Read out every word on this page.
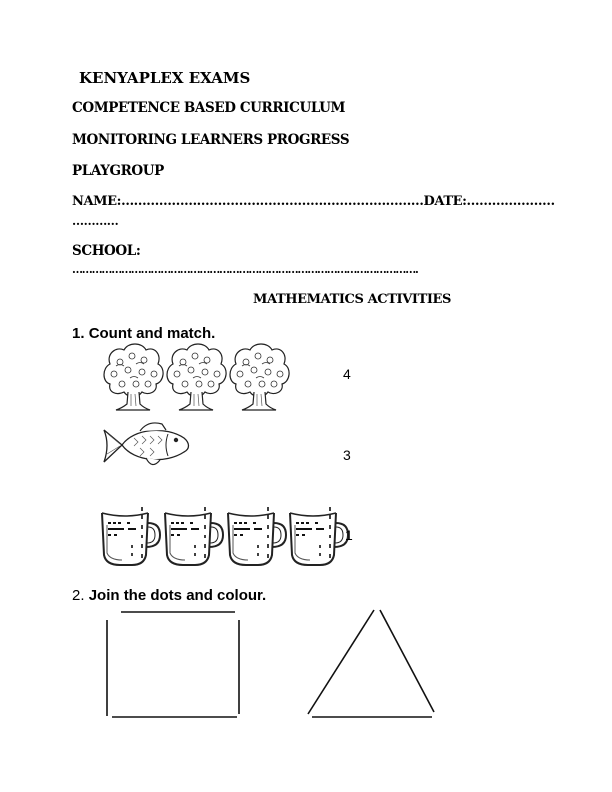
KENYAPLEX EXAMS
COMPETENCE BASED CURRICULUM
MONITORING LEARNERS PROGRESS
PLAYGROUP
NAME:………………………………………………………………DATE:…………………
…………
SCHOOL:
…………………………………………………………………………………………….
MATHEMATICS ACTIVITIES
1. Count and match.
4
3
1
2. Join the dots and colour.
